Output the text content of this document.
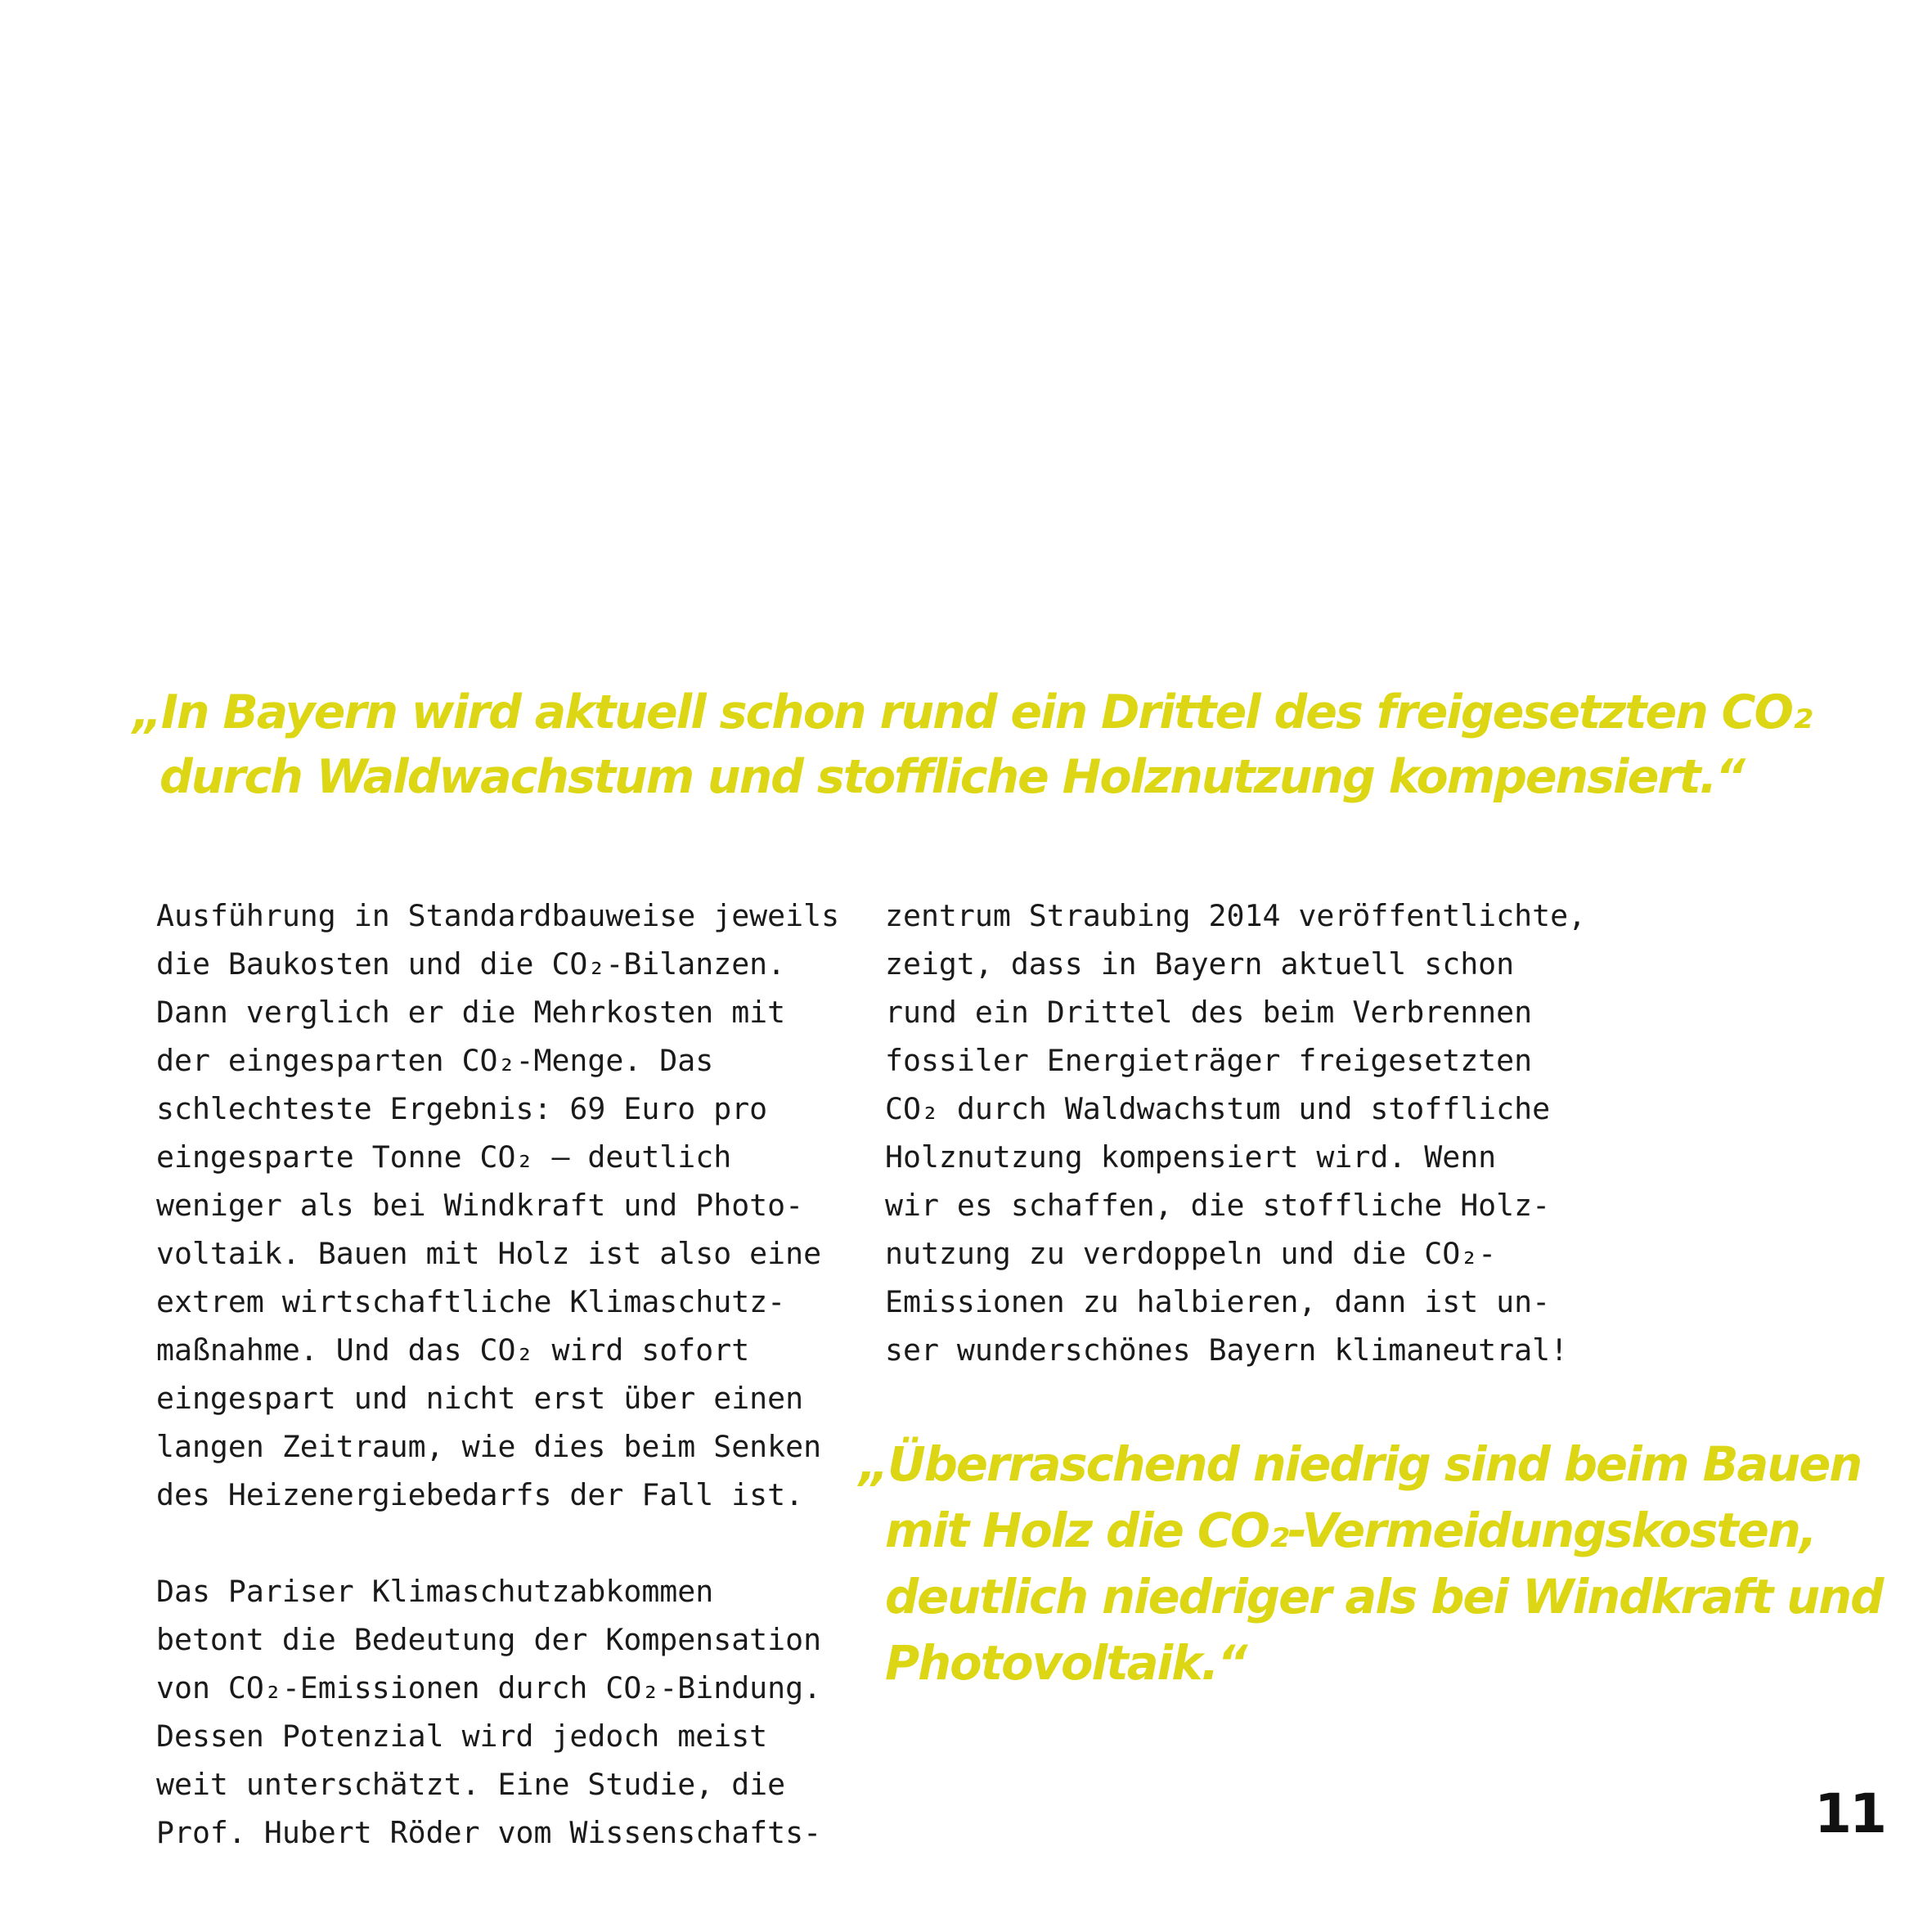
„In Bayern wird aktuell schon rund ein Drittel des freigesetzten CO₂
durch Waldwachstum und stoffliche Holznutzung kompensiert.“
Ausführung in Standardbauweise jeweils
die Baukosten und die CO₂-Bilanzen.
Dann verglich er die Mehrkosten mit
der eingesparten CO₂-Menge. Das
schlechteste Ergebnis: 69 Euro pro
eingesparte Tonne CO₂ – deutlich
weniger als bei Windkraft und Photo-
voltaik. Bauen mit Holz ist also eine
extrem wirtschaftliche Klimaschutz-
maßnahme. Und das CO₂ wird sofort
eingespart und nicht erst über einen
langen Zeitraum, wie dies beim Senken
des Heizenergiebedarfs der Fall ist.
Das Pariser Klimaschutzabkommen
betont die Bedeutung der Kompensation
von CO₂-Emissionen durch CO₂-Bindung.
Dessen Potenzial wird jedoch meist
weit unterschätzt. Eine Studie, die
Prof. Hubert Röder vom Wissenschafts-
zentrum Straubing 2014 veröffentlichte,
zeigt, dass in Bayern aktuell schon
rund ein Drittel des beim Verbrennen
fossiler Energieträger freigesetzten
CO₂ durch Waldwachstum und stoffliche
Holznutzung kompensiert wird. Wenn
wir es schaffen, die stoffliche Holz-
nutzung zu verdoppeln und die CO₂-
Emissionen zu halbieren, dann ist un-
ser wunderschönes Bayern klimaneutral!
„Überraschend niedrig sind beim Bauen
mit Holz die CO₂-Vermeidungskosten,
deutlich niedriger als bei Windkraft und
Photovoltaik.“
11
